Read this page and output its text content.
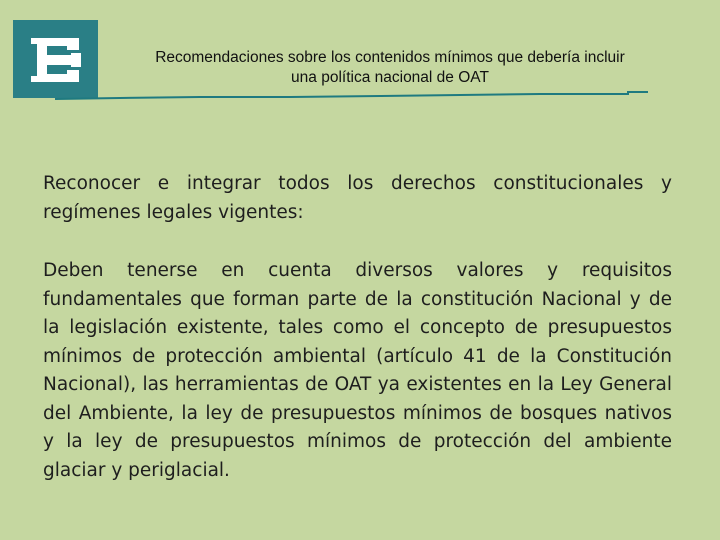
Recomendaciones sobre los contenidos mínimos que debería incluir
una política nacional de OAT

Reconocer e integrar todos los derechos constitucionales y regímenes legales vigentes:

Deben tenerse en cuenta diversos valores y requisitos fundamentales que forman parte de la constitución Nacional y de la legislación existente, tales como el concepto de presupuestos mínimos de protección ambiental (artículo 41 de la Constitución Nacional), las herramientas de OAT ya existentes en la Ley General del Ambiente, la ley de presupuestos mínimos de bosques nativos y la ley de presupuestos mínimos de protección del ambiente glaciar y periglacial.
